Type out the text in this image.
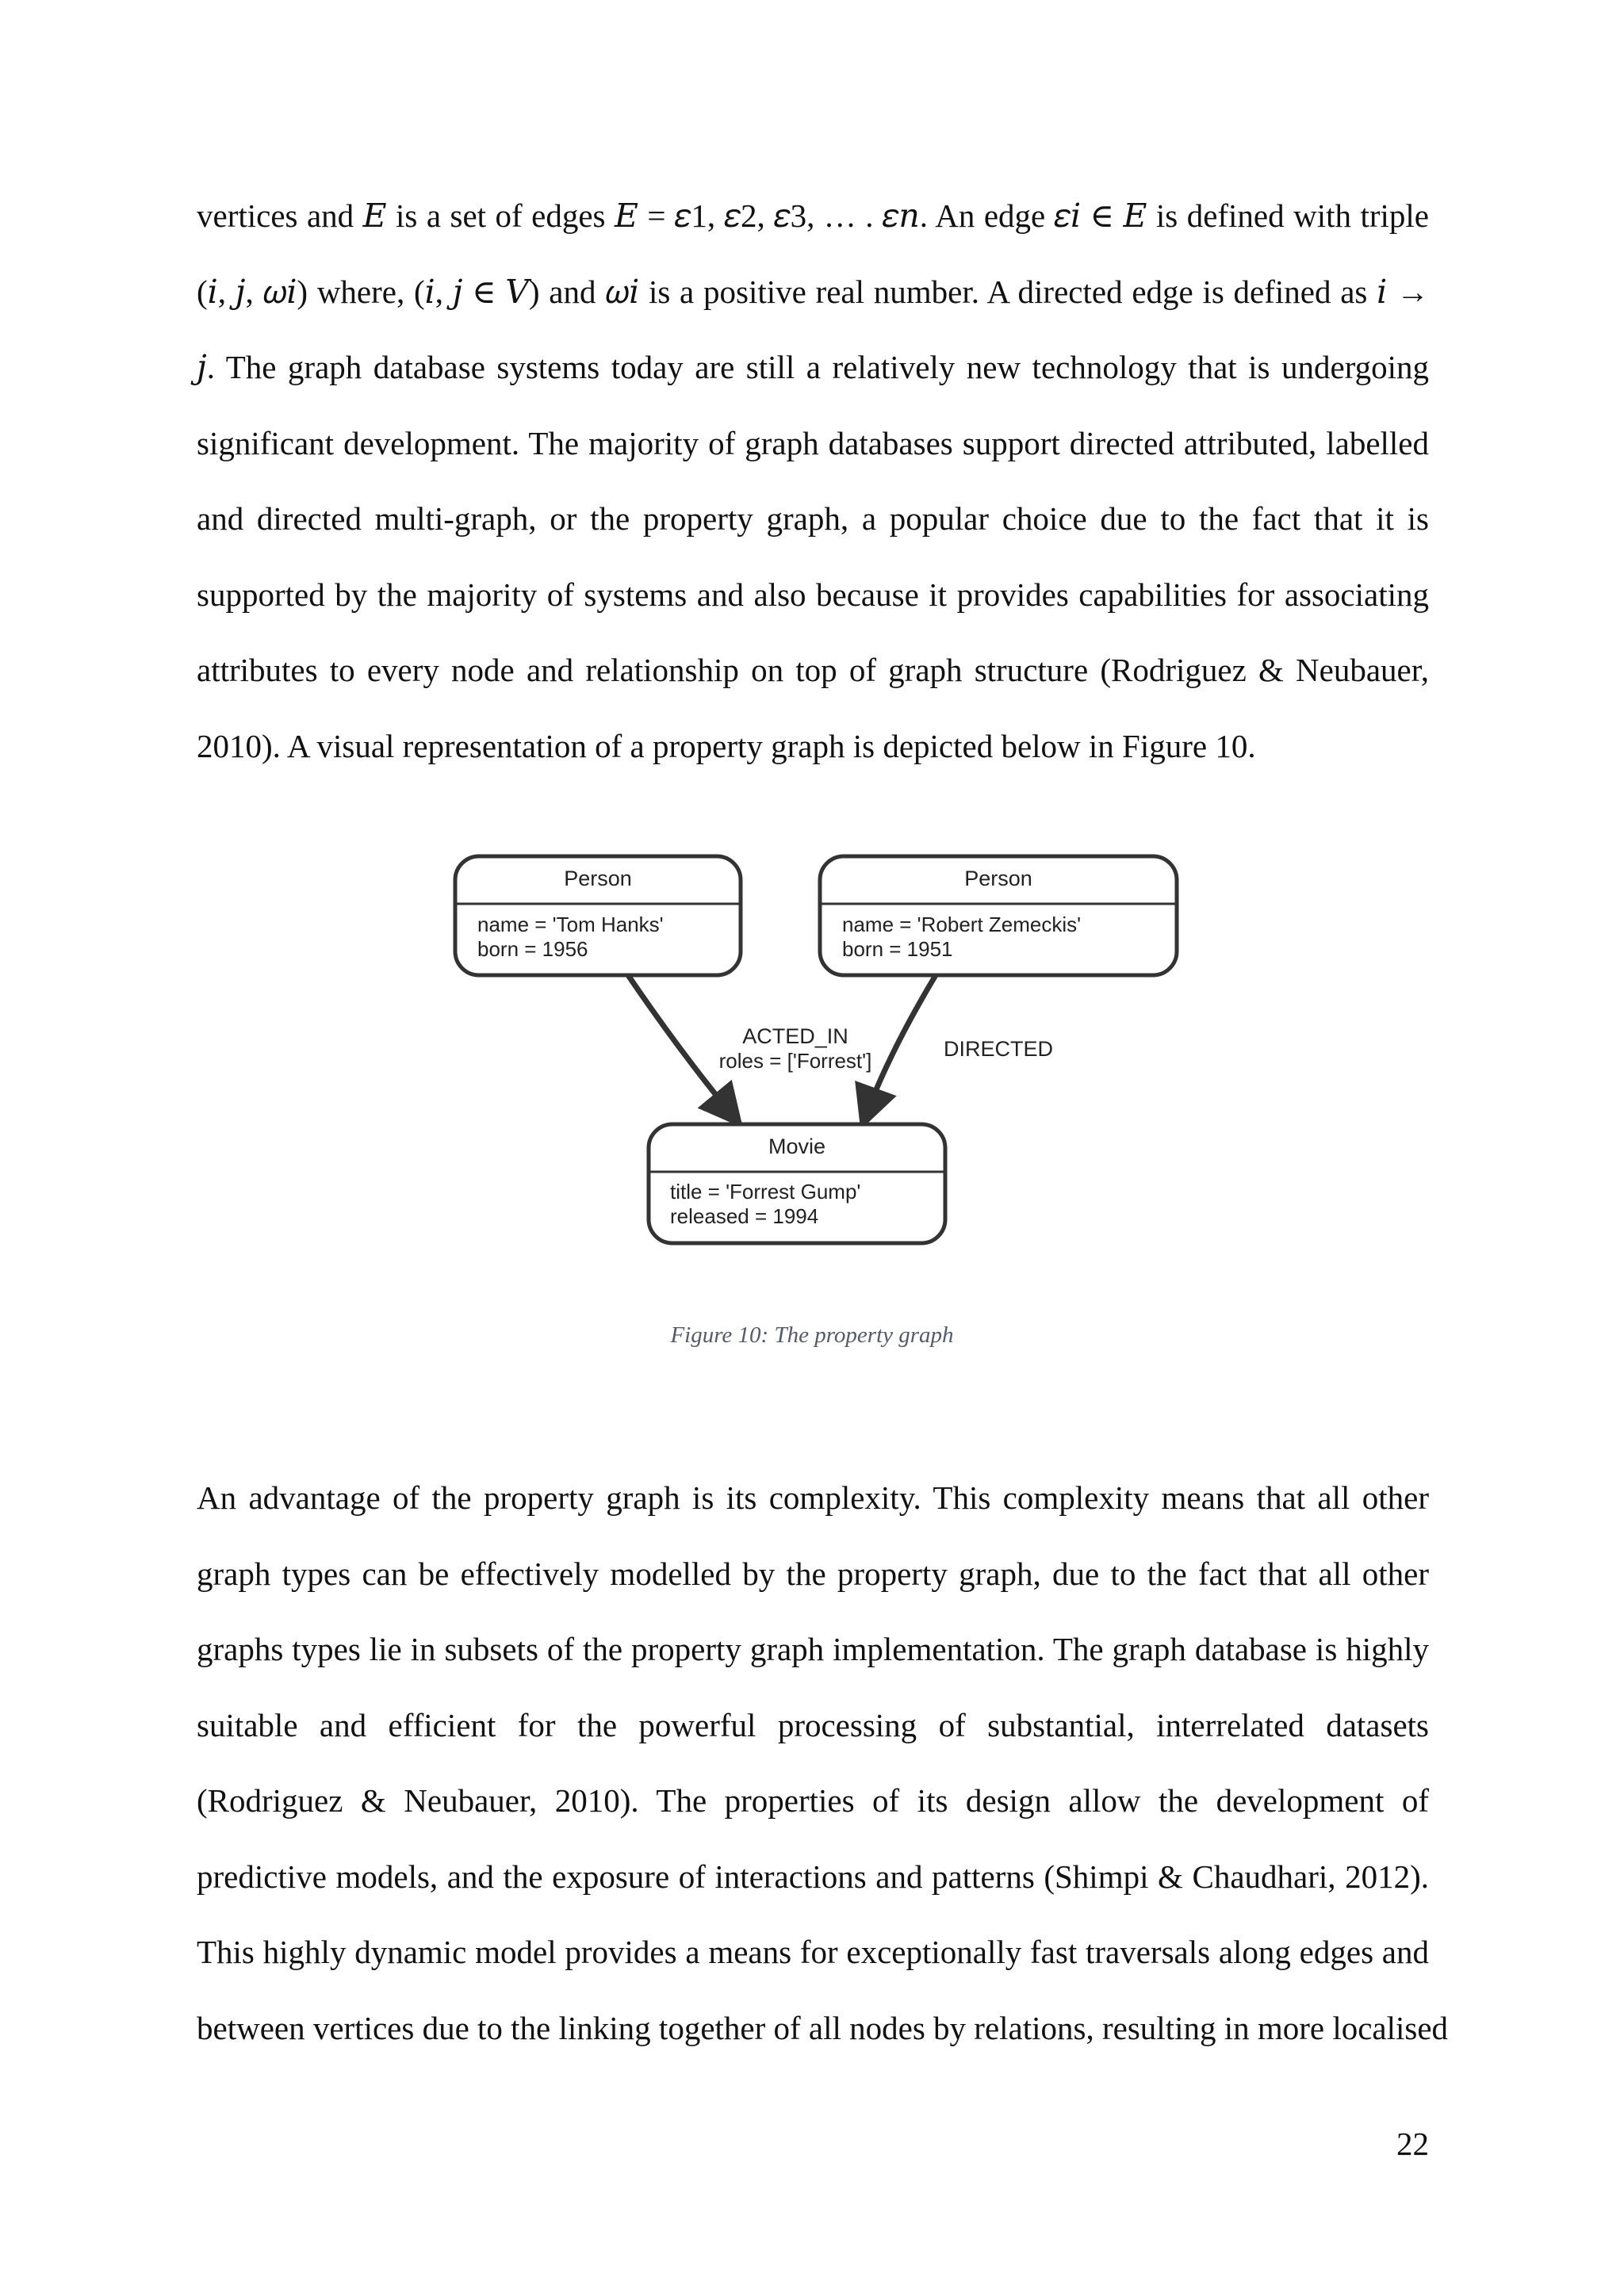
vertices and 𝐸 is a set of edges 𝐸 = 𝜀1, 𝜀2, 𝜀3, … . 𝜀𝑛. An edge 𝜀𝑖 ∈ 𝐸 is defined with triple
(𝑖, 𝑗, 𝜔𝑖) where, (𝑖, 𝑗 ∈ 𝑉) and 𝜔𝑖 is a positive real number. A directed edge is defined as 𝑖 →
𝑗. The graph database systems today are still a relatively new technology that is undergoing
significant development. The majority of graph databases support directed attributed, labelled
and directed multi-graph, or the property graph, a popular choice due to the fact that it is
supported by the majority of systems and also because it provides capabilities for associating
attributes to every node and relationship on top of graph structure (Rodriguez & Neubauer,
2010). A visual representation of a property graph is depicted below in Figure 10.

Person
name = 'Tom Hanks'
born = 1956
Person
name = 'Robert Zemeckis'
born = 1951
Movie
title = 'Forrest Gump'
released = 1994
ACTED_IN
roles = ['Forrest']	DIRECTED
Figure 10: The property graph

An advantage of the property graph is its complexity. This complexity means that all other
graph types can be effectively modelled by the property graph, due to the fact that all other
graphs types lie in subsets of the property graph implementation. The graph database is highly
suitable and efficient for the powerful processing of substantial, interrelated datasets
(Rodriguez & Neubauer, 2010). The properties of its design allow the development of
predictive models, and the exposure of interactions and patterns (Shimpi & Chaudhari, 2012).
This highly dynamic model provides a means for exceptionally fast traversals along edges and
between vertices due to the linking together of all nodes by relations, resulting in more localised

22
